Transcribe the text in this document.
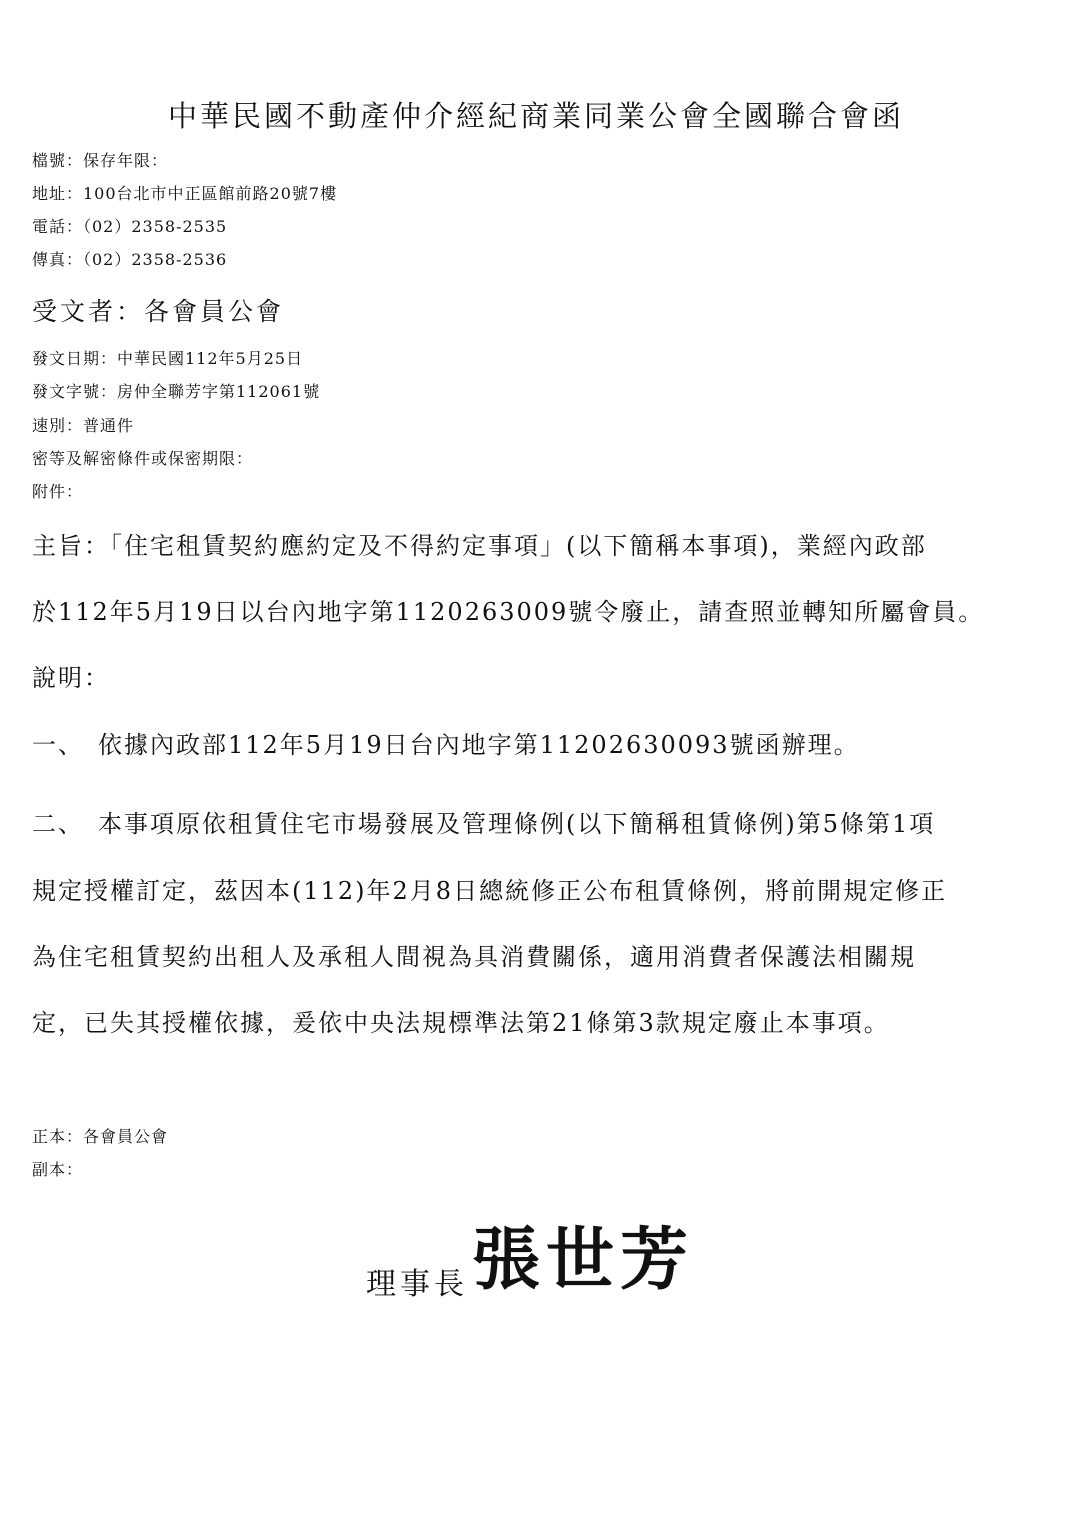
中華民國不動產仲介經紀商業同業公會全國聯合會函
檔號：保存年限：
地址：100台北市中正區館前路20號7樓
電話：（02）2358-2535
傳真：（02）2358-2536
受文者：各會員公會
發文日期：中華民國112年5月25日
發文字號：房仲全聯芳字第112061號
速別：普通件
密等及解密條件或保密期限：
附件：
主旨：「住宅租賃契約應約定及不得約定事項」(以下簡稱本事項)，業經內政部
於112年5月19日以台內地字第1120263009號令廢止，請查照並轉知所屬會員。
說明：
一、　依據內政部112年5月19日台內地字第11202630093號函辦理。
二、　本事項原依租賃住宅市場發展及管理條例(以下簡稱租賃條例)第5條第1項
規定授權訂定，茲因本(112)年2月8日總統修正公布租賃條例，將前開規定修正
為住宅租賃契約出租人及承租人間視為具消費關係，適用消費者保護法相關規
定，已失其授權依據，爰依中央法規標準法第21條第3款規定廢止本事項。
正本：各會員公會
副本：
理事長張世芳
